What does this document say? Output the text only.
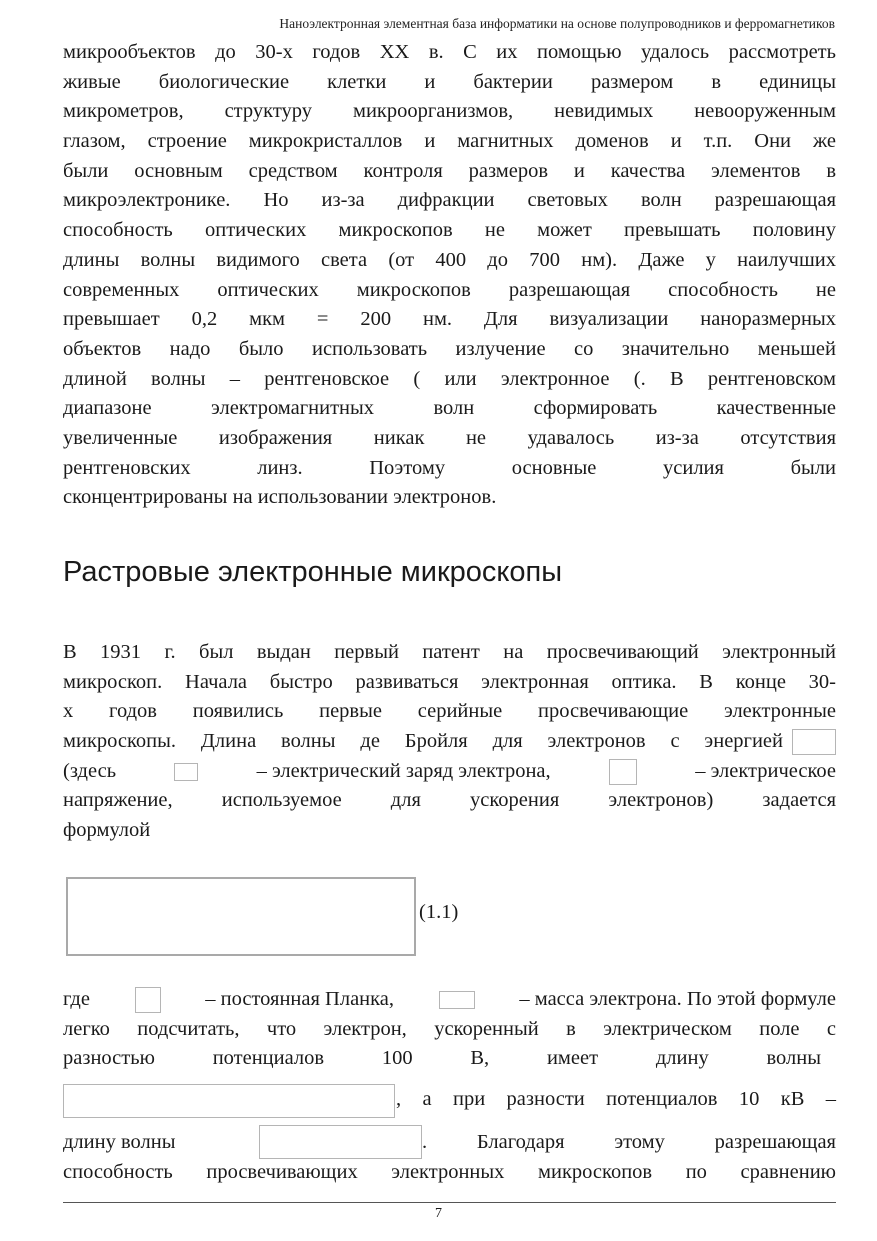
Наноэлектронная элементная база информатики на основе полупроводников и ферромагнетиков
микрообъектов до 30-х годов XX в. С их помощью удалось рассмотреть
живые биологические клетки и бактерии размером в единицы
микрометров, структуру микроорганизмов, невидимых невооруженным
глазом, строение микрокристаллов и магнитных доменов и т.п. Они же
были основным средством контроля размеров и качества элементов в
микроэлектронике. Но из-за дифракции световых волн разрешающая
способность оптических микроскопов не может превышать половину
длины волны видимого света (от 400 до 700 нм). Даже у наилучших
современных оптических микроскопов разрешающая способность не
превышает 0,2 мкм = 200 нм. Для визуализации наноразмерных
объектов надо было использовать излучение со значительно меньшей
длиной волны – рентгеновское ( или электронное (. В рентгеновском
диапазоне электромагнитных волн сформировать качественные
увеличенные изображения никак не удавалось из-за отсутствия
рентгеновских линз. Поэтому основные усилия были
сконцентрированы на использовании электронов.
Растровые электронные микроскопы
В 1931 г. был выдан первый патент на просвечивающий электронный
микроскоп. Начала быстро развиваться электронная оптика. В конце 30-
х годов появились первые серийные просвечивающие электронные
микроскопы. Длина волны де Бройля для электронов с энергией
(здесь	– электрический заряд электрона,	– электрическое
напряжение, используемое для ускорения электронов) задается
формулой
(1.1)
где	– постоянная Планка,	– масса электрона. По этой формуле
легко подсчитать, что электрон, ускоренный в электрическом поле с
разностью потенциалов 100 В, имеет длину волны
, а при разности потенциалов 10 кВ –
длину волны	. Благодаря этому разрешающая
способность просвечивающих электронных микроскопов по сравнению
7
